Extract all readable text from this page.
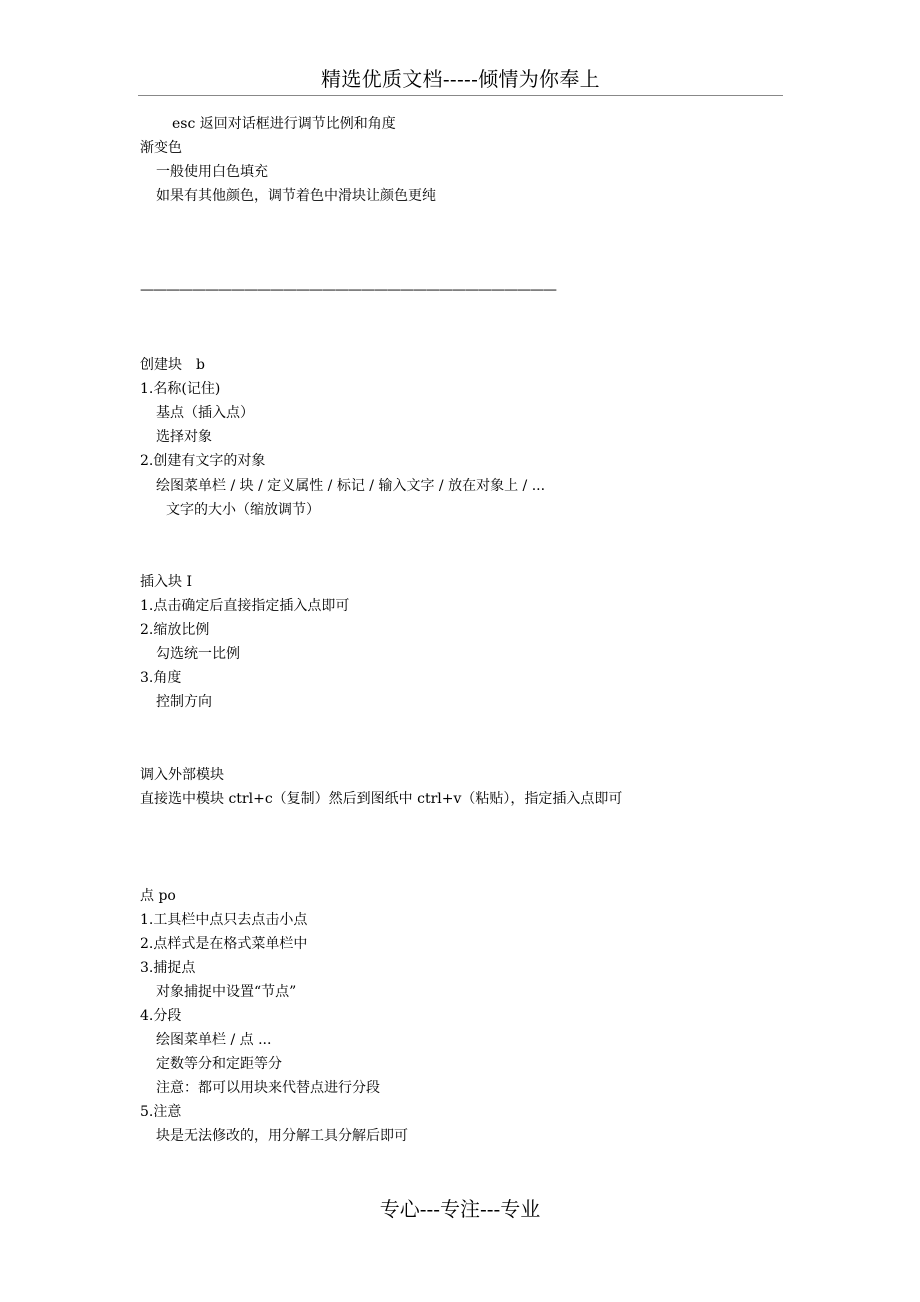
精选优质文档-----倾情为你奉上
esc 返回对话框进行调节比例和角度
渐变色
一般使用白色填充
如果有其他颜色，调节着色中滑块让颜色更纯
————————————————————————————————
创建块　b
1.名称(记住)
基点（插入点）
选择对象
2.创建有文字的对象
绘图菜单栏 / 块 / 定义属性 / 标记 / 输入文字 / 放在对象上 / ...
文字的大小（缩放调节）
插入块 I
1.点击确定后直接指定插入点即可
2.缩放比例
勾选统一比例
3.角度
控制方向
调入外部模块
直接选中模块 ctrl+c（复制）然后到图纸中 ctrl+v（粘贴），指定插入点即可
点 po
1.工具栏中点只去点击小点
2.点样式是在格式菜单栏中
3.捕捉点
对象捕捉中设置“节点”
4.分段
绘图菜单栏 / 点 ...
定数等分和定距等分
注意：都可以用块来代替点进行分段
5.注意
块是无法修改的，用分解工具分解后即可
专心---专注---专业
